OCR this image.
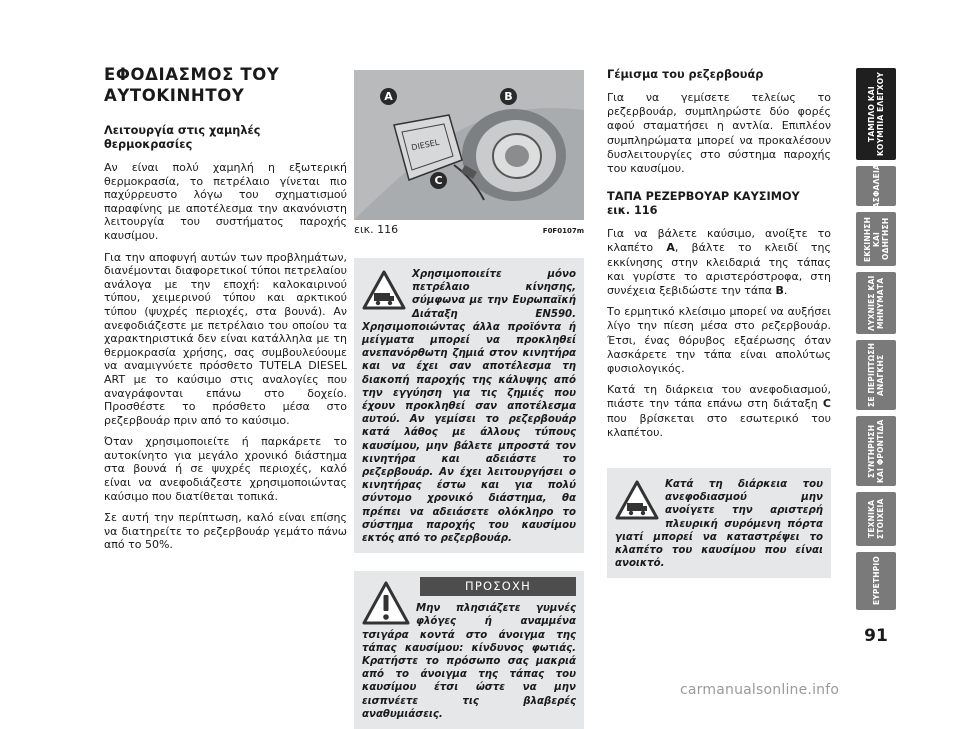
ΕΦΟΔΙΑΣΜΟΣ ΤΟΥ ΑΥΤΟΚΙΝΗΤΟΥ
Λειτουργία στις χαμηλές θερμοκρασίες

Αν είναι πολύ χαμηλή η εξωτερική θερμοκρασία, το πετρέλαιο γίνεται πιο παχύρρευστο λόγω του σχηματισμού παραφίνης με αποτέλεσμα την ακανόνιστη λειτουργία του συστήματος παροχής καυσίμου.

Για την αποφυγή αυτών των προβλημάτων, διανέμονται διαφορετικοί τύποι πετρελαίου ανάλογα με την εποχή: καλοκαιρινού τύπου, χειμερινού τύπου και αρκτικού τύπου (ψυχρές περιοχές, στα βουνά). Αν ανεφοδιάζεστε με πετρέλαιο του οποίου τα χαρακτηριστικά δεν είναι κατάλληλα με τη θερμοκρασία χρήσης, σας συμβουλεύουμε να αναμιγνύετε πρόσθετο TUTELA DIESEL ART με το καύσιμο στις αναλογίες που αναγράφονται επάνω στο δοχείο. Προσθέστε το πρόσθετο μέσα στο ρεζερβουάρ πριν από το καύσιμο.

Όταν χρησιμοποιείτε ή παρκάρετε το αυτοκίνητο για μεγάλο χρονικό διάστημα στα βουνά ή σε ψυχρές περιοχές, καλό είναι να ανεφοδιάζεστε χρησιμοποιώντας καύσιμο που διατίθεται τοπικά.

Σε αυτή την περίπτωση, καλό είναι επίσης να διατηρείτε το ρεζερβουάρ γεμάτο πάνω από το 50%.

DIESEL
A	B
C
εικ. 116	F0F0107m

Χρησιμοποιείτε μόνο πετρέλαιο κίνησης, σύμφωνα με την Ευρωπαϊκή Διάταξη EN590. Χρησιμοποιώντας άλλα προϊόντα ή μείγματα μπορεί να προκληθεί ανεπανόρθωτη ζημιά στον κινητήρα και να έχει σαν αποτέλεσμα τη διακοπή παροχής της κάλυψης από την εγγύηση για τις ζημιές που έχουν προκληθεί σαν αποτέλεσμα αυτού. Αν γεμίσει το ρεζερβουάρ κατά λάθος με άλλους τύπους καυσίμου, μην βάλετε μπροστά τον κινητήρα και αδειάστε το ρεζερβουάρ. Αν έχει λειτουργήσει ο κινητήρας έστω και για πολύ σύντομο χρονικό διάστημα, θα πρέπει να αδειάσετε ολόκληρο το σύστημα παροχής του καυσίμου εκτός από το ρεζερβουάρ.

ΠΡΟΣΟΧΗ

Μην πλησιάζετε γυμνές φλόγες ή αναμμένα τσιγάρα κοντά στο άνοιγμα της τάπας καυσίμου: κίνδυνος φωτιάς. Κρατήστε το πρόσωπο σας μακριά από το άνοιγμα της τάπας του καυσίμου έτσι ώστε να μην εισπνέετε τις βλαβερές αναθυμιάσεις.

Γέμισμα του ρεζερβουάρ

Για να γεμίσετε τελείως το ρεζερβουάρ, συμπληρώστε δύο φορές αφού σταματήσει η αντλία. Επιπλέον συμπληρώματα μπορεί να προκαλέσουν δυσλειτουργίες στο σύστημα παροχής του καυσίμου.

ΤΑΠΑ ΡΕΖΕΡΒΟΥΑΡ ΚΑΥΣΙΜΟΥ
εικ. 116

Για να βάλετε καύσιμο, ανοίξτε το κλαπέτο A, βάλτε το κλειδί της εκκίνησης στην κλειδαριά της τάπας και γυρίστε το αριστερόστροφα, στη συνέχεια ξεβιδώστε την τάπα B.

Το ερμητικό κλείσιμο μπορεί να αυξήσει λίγο την πίεση μέσα στο ρεζερβουάρ. Έτσι, ένας θόρυβος εξαέρωσης όταν λασκάρετε την τάπα είναι απολύτως φυσιολογικός.

Κατά τη διάρκεια του ανεφοδιασμού, πιάστε την τάπα επάνω στη διάταξη C που βρίσκεται στο εσωτερικό του κλαπέτου.

Κατά τη διάρκεια του ανεφοδιασμού μην ανοίγετε την αριστερή πλευρική συρόμενη πόρτα γιατί μπορεί να καταστρέψει το κλαπέτο του καυσίμου που είναι ανοικτό.

ΤΑΜΠΛΟ ΚΑΙ ΚΟΥΜΠΙΑ ΕΛΕΓΧΟΥ
ΑΣΦΑΛΕΙΑ
ΕΚΚΙΝΗΣΗ ΚΑΙ ΟΔΗΓΗΣΗ
ΛΥΧΝΙΕΣ ΚΑΙ ΜΗΝΥΜΑΤΑ
ΣΕ ΠΕΡΙΠΤΩΣΗ ΑΝΑΓΚΗΣ
ΣΥΝΤΗΡΗΣΗ ΚΑΙ ΦΡΟΝΤΙΔΑ
ΤΕΧΝΙΚΑ ΣΤΟΙΧΕΙΑ
ΕΥΡΕΤΗΡΙΟ
91
carmanualsonline.info
